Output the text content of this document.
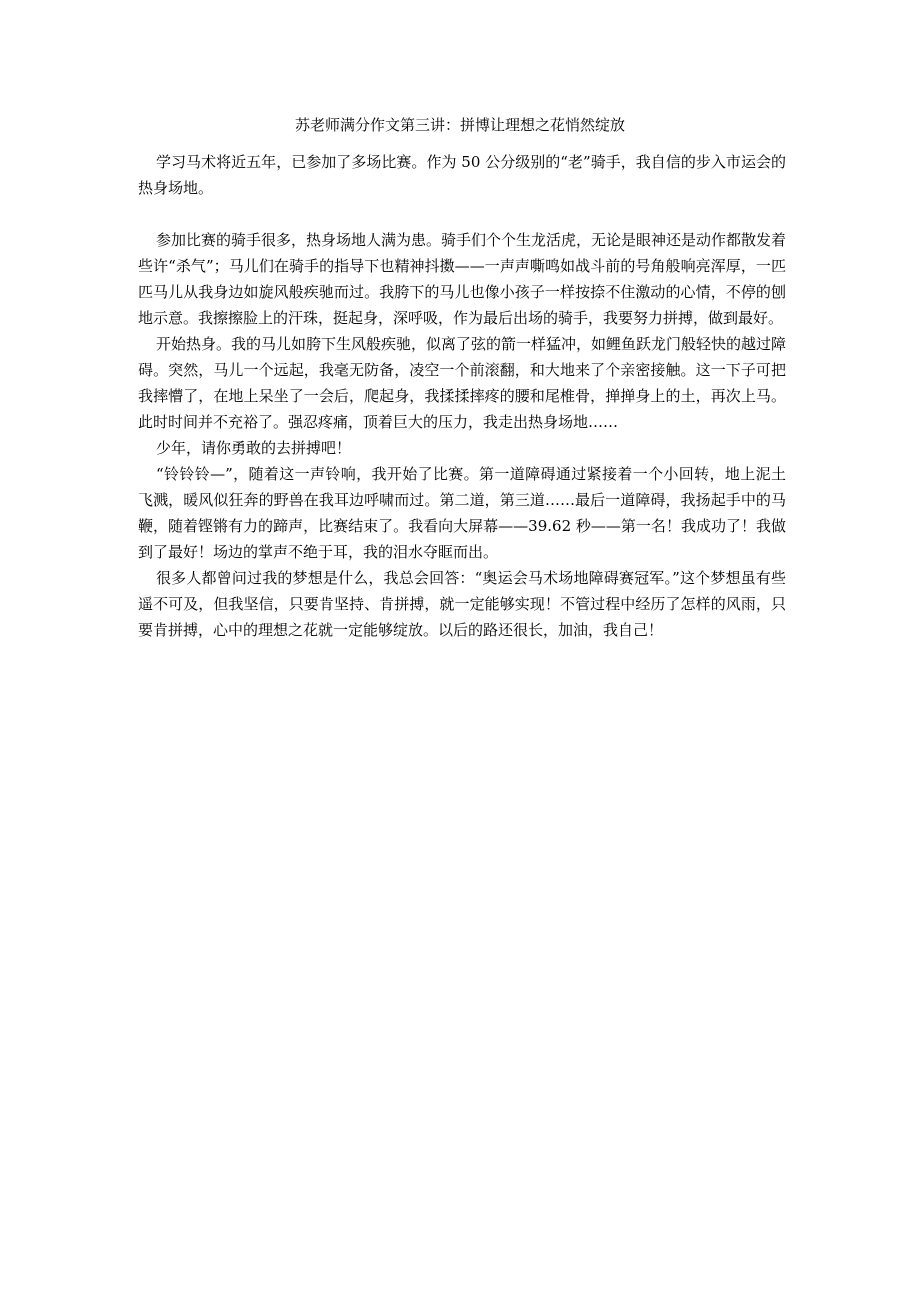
苏老师满分作文第三讲：拼博让理想之花悄然绽放

学习马术将近五年，已参加了多场比赛。作为 50 公分级别的“老”骑手，我自信的步入市运会的热身场地。

参加比赛的骑手很多，热身场地人满为患。骑手们个个生龙活虎，无论是眼神还是动作都散发着些许“杀气”；马儿们在骑手的指导下也精神抖擞——一声声嘶鸣如战斗前的号角般响亮浑厚，一匹匹马儿从我身边如旋风般疾驰而过。我胯下的马儿也像小孩子一样按捺不住激动的心情，不停的刨地示意。我擦擦脸上的汗珠，挺起身，深呼吸，作为最后出场的骑手，我要努力拼搏，做到最好。

开始热身。我的马儿如胯下生风般疾驰，似离了弦的箭一样猛冲，如鲤鱼跃龙门般轻快的越过障碍。突然，马儿一个远起，我毫无防备，凌空一个前滚翻，和大地来了个亲密接触。这一下子可把我摔懵了，在地上呆坐了一会后，爬起身，我揉揉摔疼的腰和尾椎骨，掸掸身上的土，再次上马。此时时间并不充裕了。强忍疼痛，顶着巨大的压力，我走出热身场地……

少年，请你勇敢的去拼搏吧！

“铃铃铃—”，随着这一声铃响，我开始了比赛。第一道障碍通过紧接着一个小回转，地上泥土飞溅，暖风似狂奔的野兽在我耳边呼啸而过。第二道，第三道……最后一道障碍，我扬起手中的马鞭，随着铿锵有力的蹄声，比赛结束了。我看向大屏幕——39.62 秒——第一名！我成功了！我做到了最好！场边的掌声不绝于耳，我的泪水夺眶而出。

很多人都曾问过我的梦想是什么，我总会回答：“奥运会马术场地障碍赛冠军。”这个梦想虽有些遥不可及，但我坚信，只要肯坚持、肯拼搏，就一定能够实现！不管过程中经历了怎样的风雨，只要肯拼搏，心中的理想之花就一定能够绽放。以后的路还很长，加油，我自己！
